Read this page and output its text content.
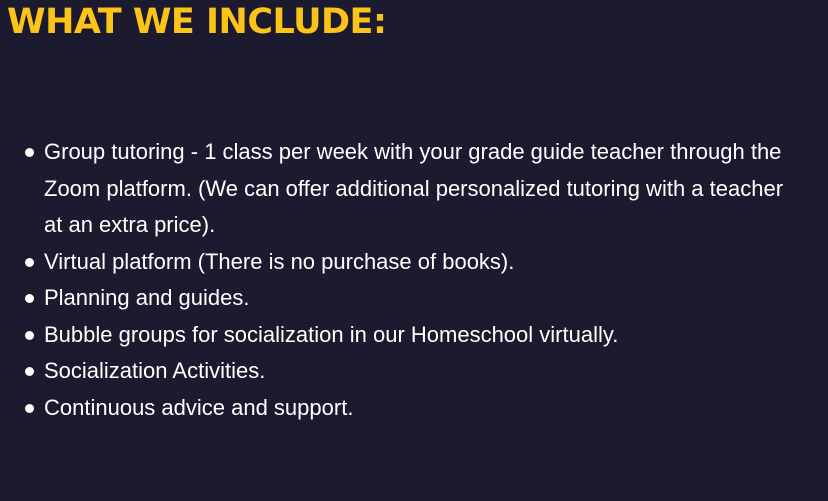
WHAT WE INCLUDE:
Group tutoring - 1 class per week with your grade guide teacher through the Zoom platform. (We can offer additional personalized tutoring with a teacher at an extra price).
Virtual platform (There is no purchase of books).
Planning and guides.
Bubble groups for socialization in our Homeschool virtually.
Socialization Activities.
Continuous advice and support.
